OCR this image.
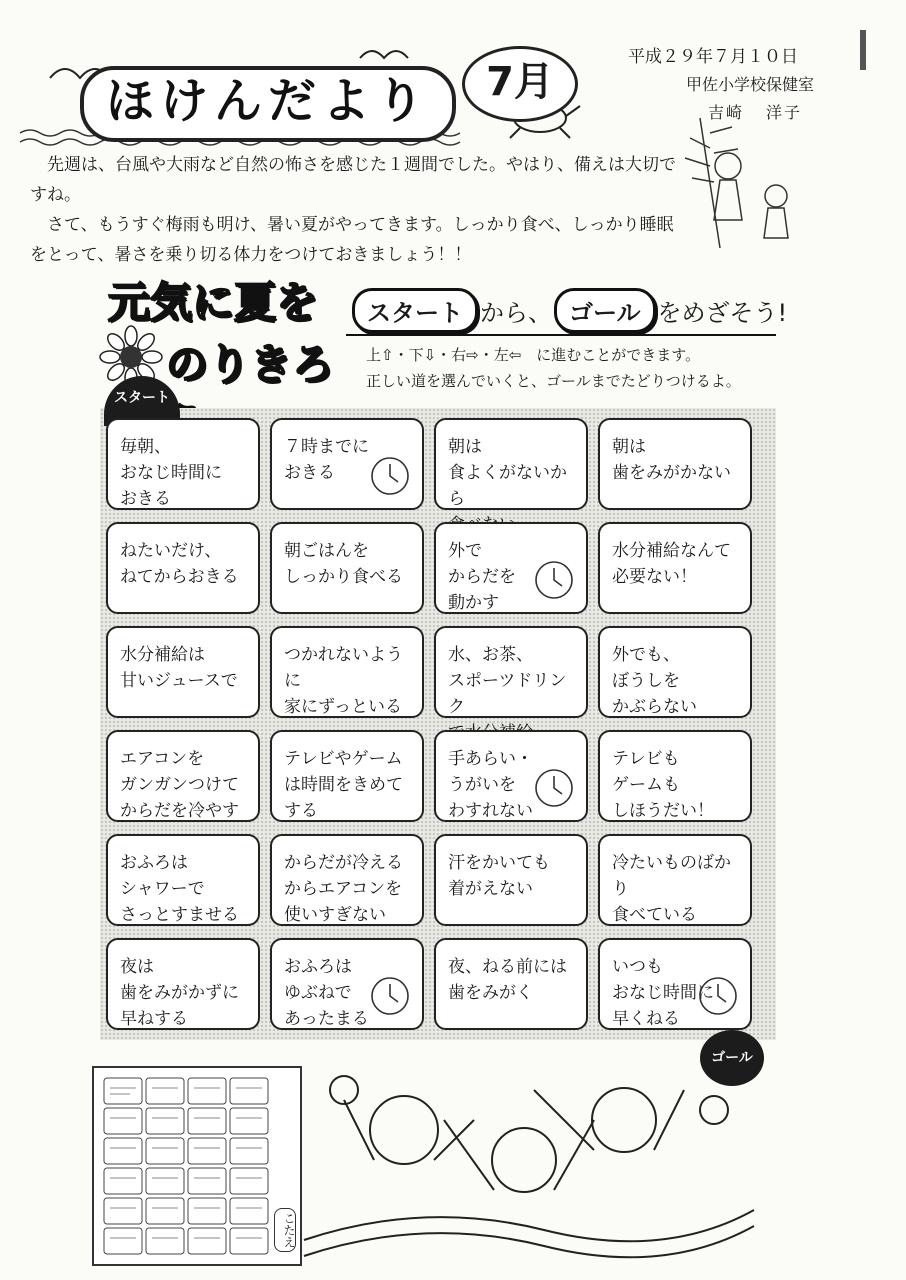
ほけんだより	7月
平成２９年７月１０日
甲佐小学校保健室
吉崎 洋子

先週は、台風や大雨など自然の怖さを感じた１週間でした。やはり、備えは大切ですね。

さて、もうすぐ梅雨も明け、暑い夏がやってきます。しっかり食べ、しっかり睡眠をとって、暑さを乗り切る体力をつけておきましょう！！

元気に夏を
のりきろ
スタート から、 ゴール をめざそう!
上⇧・下⇩・右⇨・左⇦　に進むことができます。
正しい道を選んでいくと、ゴールまでたどりつけるよ。
スタート
毎朝、
おなじ時間に
おきる
７時までに
おきる
朝は
食よくがないから

朝は
歯をみがかない
ねたいだけ、
ねてからおきる
朝ごはんを
しっかり食べる
外で
からだを
動かす
水分補給なんて
必要ない！
水分補給は
甘いジュースで
つかれないように
家にずっといる
水、お茶、
スポーツドリンク

外でも、
ぼうしを
かぶらない
エアコンを
ガンガンつけて
からだを冷やす
テレビやゲーム
は時間をきめて
する
手あらい・
うがいを
わすれない
テレビも
ゲームも
しほうだい！
おふろは
シャワーで
さっとすませる
からだが冷える
からエアコンを
使いすぎない
汗をかいても
着がえない
冷たいものばかり
食べている
夜は
歯をみがかずに
早ねする
おふろは
ゆぶねで
あったまる
夜、ねる前には
歯をみがく
いつも
おなじ時間に
早くねる
ゴール
こたえ
